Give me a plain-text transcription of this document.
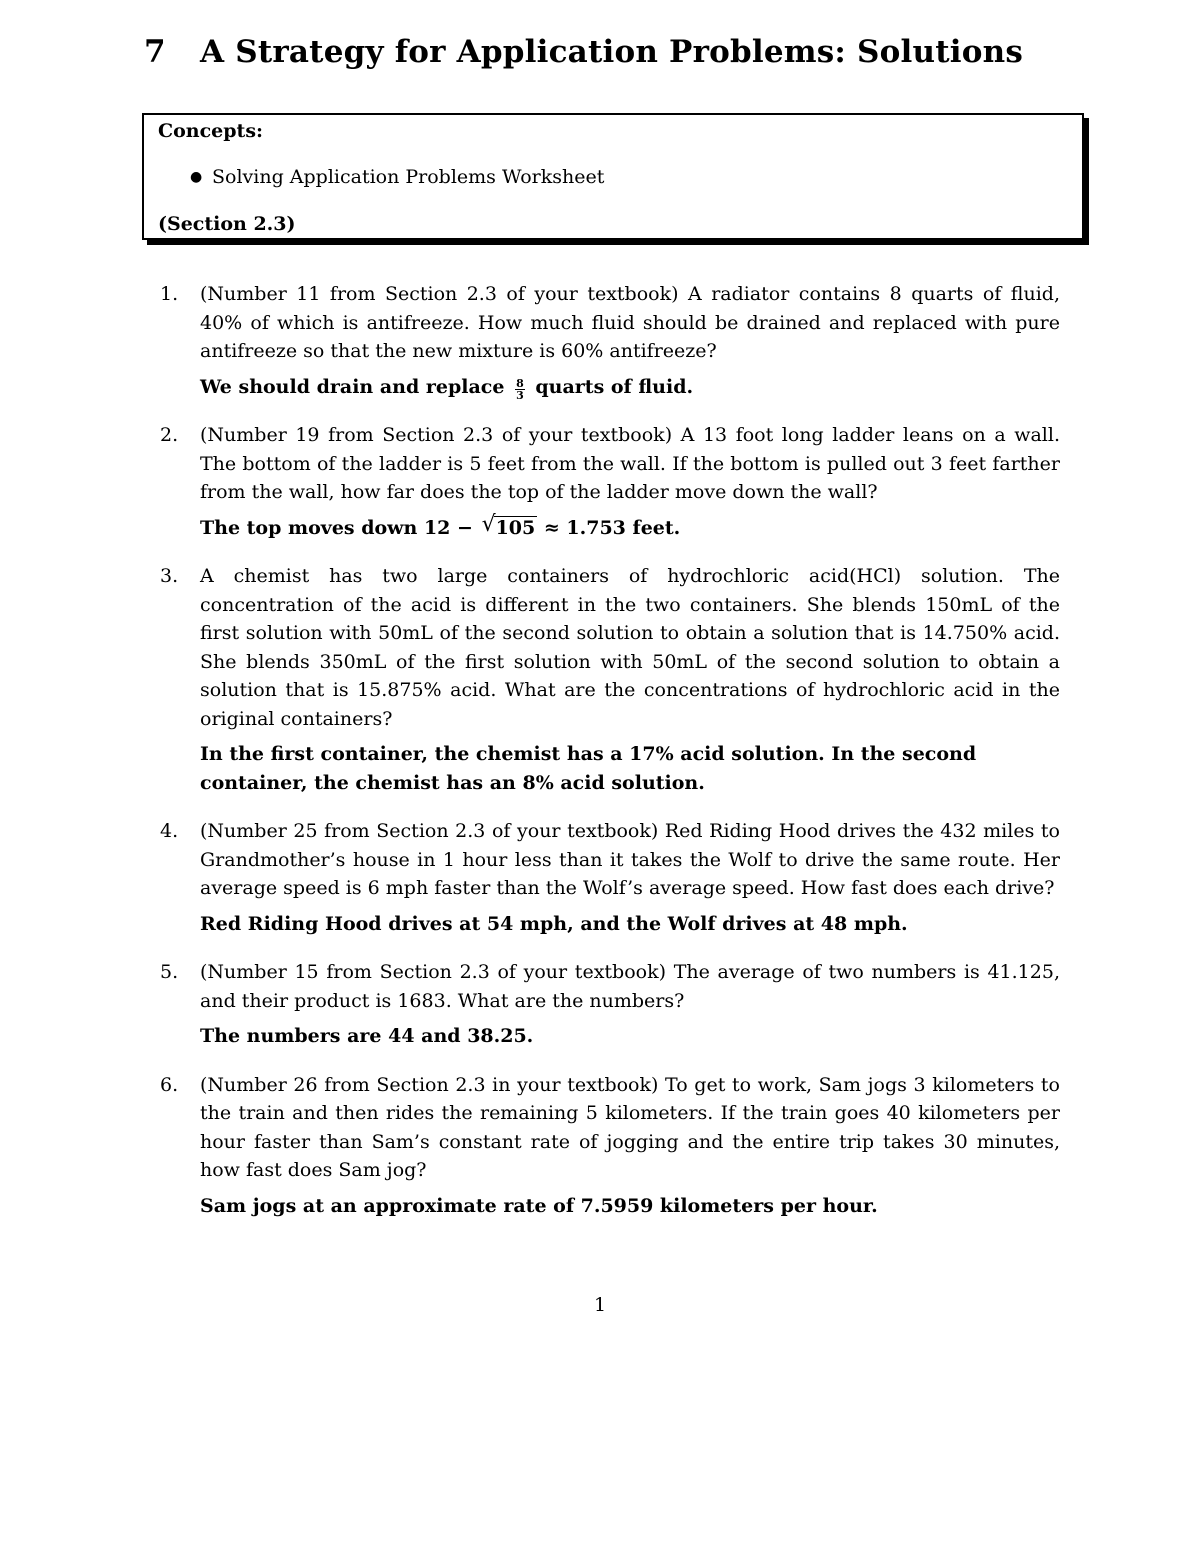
7 A Strategy for Application Problems: Solutions
Concepts:
● Solving Application Problems Worksheet
(Section 2.3)
1.	(Number 11 from Section 2.3 of your textbook) A radiator contains 8 quarts of fluid, 40% of which is antifreeze. How much fluid should be drained and replaced with pure antifreeze so that the new mixture is 60% antifreeze?

We should drain and replace $\frac{8}{3}$ quarts of fluid.

2.	(Number 19 from Section 2.3 of your textbook) A 13 foot long ladder leans on a wall. The bottom of the ladder is 5 feet from the wall. If the bottom is pulled out 3 feet farther from the wall, how far does the top of the ladder move down the wall?

The top moves down 12 − √ 105 ≈ 1.753 feet.

3.	A chemist has two large containers of hydrochloric acid(HCl) solution. The concentration of the acid is different in the two containers. She blends 150mL of the first solution with 50mL of the second solution to obtain a solution that is 14.750% acid. She blends 350mL of the first solution with 50mL of the second solution to obtain a solution that is 15.875% acid. What are the concentrations of hydrochloric acid in the original containers?

In the first container, the chemist has a 17% acid solution. In the second container, the chemist has an 8% acid solution.

4.	(Number 25 from Section 2.3 of your textbook) Red Riding Hood drives the 432 miles to Grandmother’s house in 1 hour less than it takes the Wolf to drive the same route. Her average speed is 6 mph faster than the Wolf’s average speed. How fast does each drive?

Red Riding Hood drives at 54 mph, and the Wolf drives at 48 mph.

5.	(Number 15 from Section 2.3 of your textbook) The average of two numbers is 41.125, and their product is 1683. What are the numbers?

The numbers are 44 and 38.25.

6.	(Number 26 from Section 2.3 in your textbook) To get to work, Sam jogs 3 kilometers to the train and then rides the remaining 5 kilometers. If the train goes 40 kilometers per hour faster than Sam’s constant rate of jogging and the entire trip takes 30 minutes, how fast does Sam jog?

Sam jogs at an approximate rate of 7.5959 kilometers per hour.

1
